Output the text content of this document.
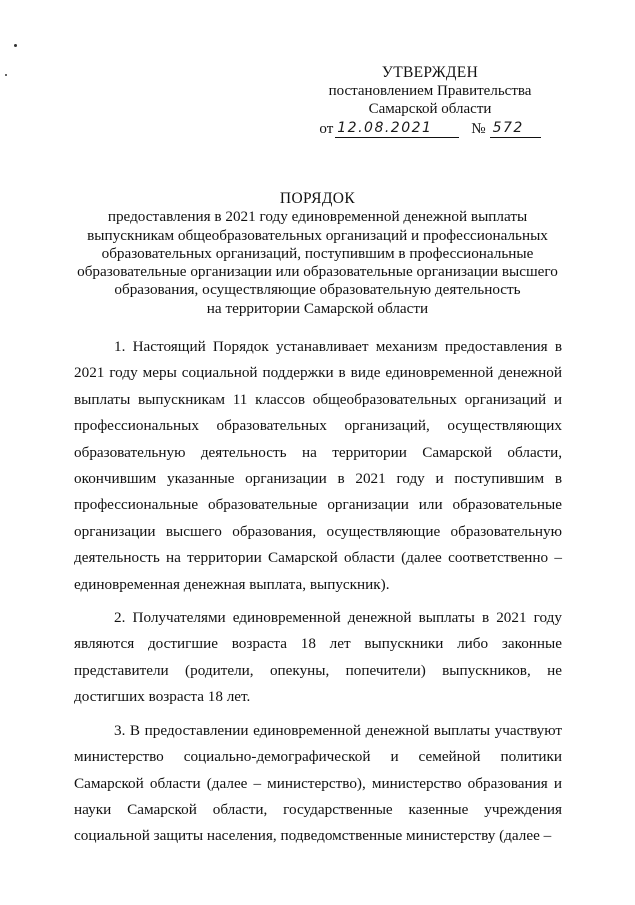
УТВЕРЖДЕН
постановлением Правительства
Самарской области
от 12.08.2021	№ 572
ПОРЯДОК
предоставления в 2021 году единовременной денежной выплаты
выпускникам общеобразовательных организаций и профессиональных
образовательных организаций, поступившим в профессиональные
образовательные организации или образовательные организации высшего
образования, осуществляющие образовательную деятельность
на территории Самарской области

1. Настоящий Порядок устанавливает механизм предоставления в 2021 году меры социальной поддержки в виде единовременной денежной выплаты выпускникам 11 классов общеобразовательных организаций и профессиональных образовательных организаций, осуществляющих образовательную деятельность на территории Самарской области, окончившим указанные организации в 2021 году и поступившим в профессиональные образовательные организации или образовательные организации высшего образования, осуществляющие образовательную деятельность на территории Самарской области (далее соответственно – единовременная денежная выплата, выпускник).

2. Получателями единовременной денежной выплаты в 2021 году являются достигшие возраста 18 лет выпускники либо законные представители (родители, опекуны, попечители) выпускников, не достигших возраста 18 лет.

3. В предоставлении единовременной денежной выплаты участвуют министерство социально-демографической и семейной политики Самарской области (далее – министерство), министерство образования и науки Самарской области, государственные казенные учреждения социальной защиты населения, подведомственные министерству (далее –
